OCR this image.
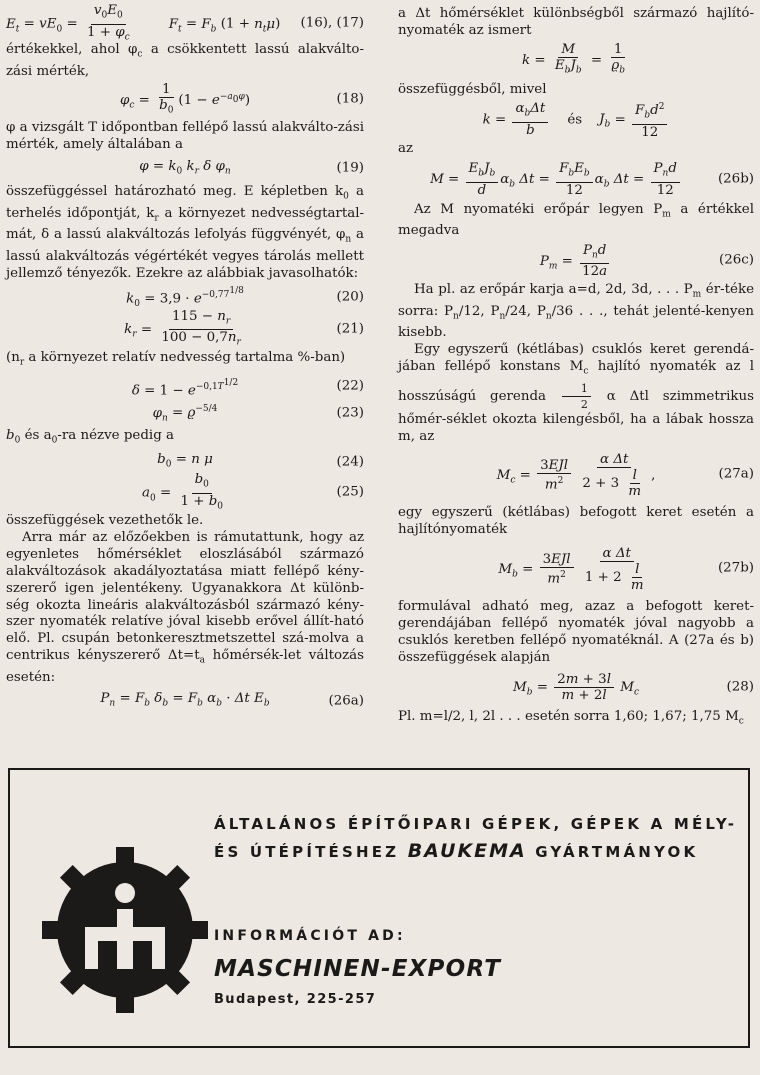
$E_t = vE_0 = \frac{v_0E_0}{1 + \varphi_c}$	$F_t = F_b$ $(1 + n_t\mu)$ (16), (17)

értékekkel, ahol $\varphi_c$ a csökkentett lassú alakválto-zási mérték,

$\varphi_c = \frac{1}{b_0} (1 - e^{-a_0\varphi})$	(18)

φ a vizsgált T időpontban fellépő lassú alakválto-zási mérték, amely általában a

$\varphi = k_0$ $k_r$ δ $\varphi_n$	(19)

összefüggéssel határozható meg. E képletben $k_0$ a terhelés időpontját, $k_r$ a környezet nedvességtartal-mát, δ a lassú alakváltozás lefolyás függvényét, $\varphi_n$ a lassú alakváltozás végértékét vegyes tárolás mellett jellemző tényezők. Ezekre az alábbiak javasolhatók:

$k_0 = 3,9 \cdot e^{-0,77^{1/8}}$	(20)
$k_r = \frac{115 - n_r}{100 - 0,7n_r}$	(21)

($n_r$ a környezet relatív nedvesség tartalma %-ban)

$\delta = 1 - e^{-0,1T^{1/2}}$	(22)
$\varphi_n = ϱ^{-5/4}$	(23)

$b_0$ és $a_0-ra$ nézve pedig a

$b_0 = n$ μ	(24)
$a_0 = \frac{b_0}{1 + b_0}$	(25)

összefüggések vezethetők le.

Arra már az előzőekben is rámutattunk, hogy az egyenletes hőmérséklet eloszlásából származó alakváltozások akadályoztatása miatt fellépő kény-szererő igen jelentékeny. Ugyanakkora Δt különb-ség okozta lineáris alakváltozásból származó kény-szer nyomaték relatíve jóval kisebb erővel állít-ható elő. Pl. csupán betonkeresztmetszettel szá-molva a centrikus kényszererő $\Delta t=t_a$ hőmérsék-let változás esetén:

$P_n = F_b$ $\delta_b = F_b$ $\alpha_b \cdot \Delta t$ $E_b$	(26a)

a Δt hőmérséklet különbségből származó hajlító-nyomaték az ismert

$k = \frac{M}{E_bJ_b} = \frac{1}{ϱ_b}$

összefüggésből, mivel

$k = \frac{\alpha_b\Delta t}{b}$ és $J_b = \frac{F_bd^2}{12}$

az

$M = \frac{E_bJ_b}{d} \alpha_b$ $\Delta t = \frac{F_bE_b}{12} \alpha_b$ $\Delta t = \frac{P_nd}{12}$	(26b)

Az M nyomatéki erőpár legyen $P_m$ a értékkel megadva

$P_m = \frac{P_nd}{12a}$	(26c)

Ha pl. az erőpár karja a=d, 2d, 3d, . . . $P_m$ ér-téke sorra: $P_n/12$, $P_n/24$, $P_n/36$ . . ., tehát jelenté-kenyen kisebb.

Egy egyszerű (kétlábas) csuklós keret gerendá-jában fellépő konstans $M_c$ hajlító nyomaték az l hosszúságú gerenda $\frac{1}{2}$ α Δtl szimmetrikus hőmér-séklet okozta kilengésből, ha a lábak hossza m, az

$M_c = \frac{\text{3EJl}}{m^2}$
$\frac{\text{α Δt}}{2 + 3 \frac{l}{m}}$ ,	(27a)

egy egyszerű (kétlábas) befogott keret esetén a hajlítónyomaték

$M_b = \frac{\text{3EJl}}{m^2}$
$\frac{\text{α Δt}}{1 + 2 \frac{l}{m}}$	(27b)

formulával adható meg, azaz a befogott keret-gerendájában fellépő nyomaték jóval nagyobb a csuklós keretben fellépő nyomatéknál. A (27a és b) összefüggések alapján

$M_b = \frac{2m + 3l}{m + 2l} M_c$	(28)

Pl. m=l/2, l, 2l . . . esetén sorra 1,60; 1,67; 1,75 $M_c$

ÁLTALÁNOS ÉPÍTŐIPARI GÉPEK, GÉPEK A MÉLY-
ÉS ÚTÉPÍTÉSHEZ BAUKEMA GYÁRTMÁNYOK
INFORMÁCIÓT AD:
MASCHINEN-EXPORT
Budapest, 225-257
